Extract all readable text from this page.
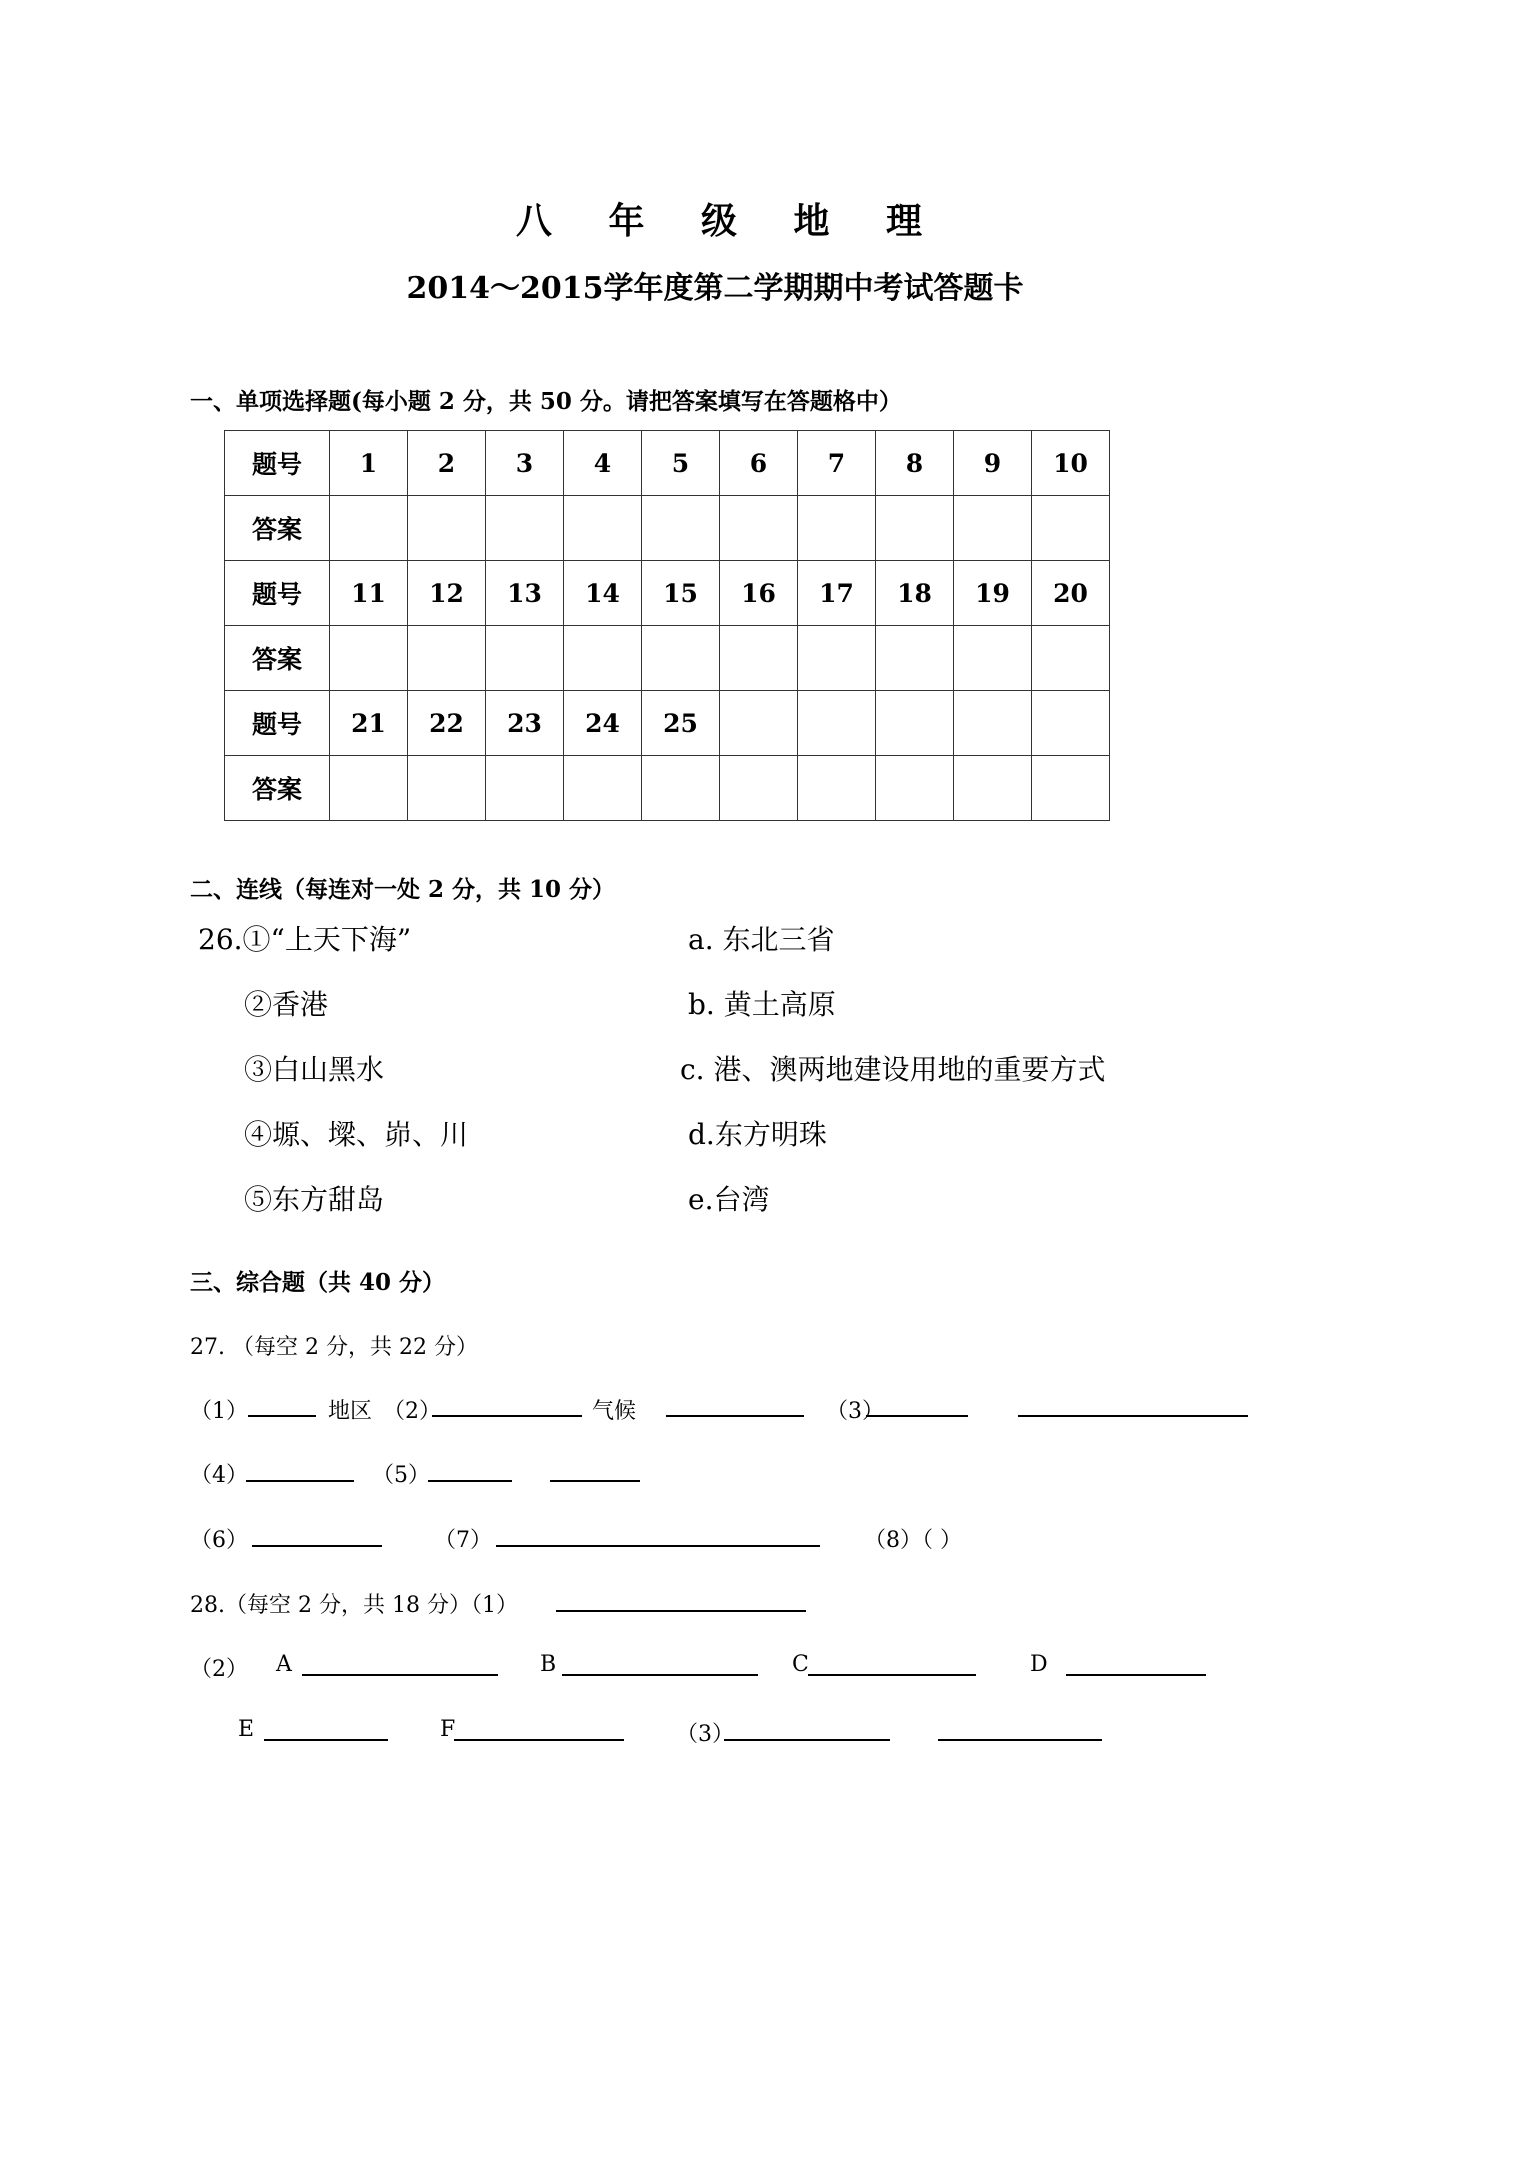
八 年 级 地 理
2014～2015学年度第二学期期中考试答题卡
一、单项选择题(每小题 2 分，共 50 分。请把答案填写在答题格中）
题号	1	2	3	4	5	6	7	8	9	10
答案										
题号	11	12	13	14	15	16	17	18	19	20
答案										
题号	21	22	23	24	25					
答案										
二、连线（每连对一处 2 分，共 10 分）
26.①“上天下海”
②香港
③白山黑水
④塬、墚、峁、川
⑤东方甜岛
a. 东北三省
b. 黄土高原
c. 港、澳两地建设用地的重要方式
d.东方明珠
e.台湾
三、综合题（共 40 分）
27. （每空 2 分，共 22 分）
（1）	地区 （2）	气候	（3）
（4）	（5）
（6）	（7）	（8）（ ）
28.（每空 2 分，共 18 分）（1）
（2） A	B	C	D
E	F	（3）
